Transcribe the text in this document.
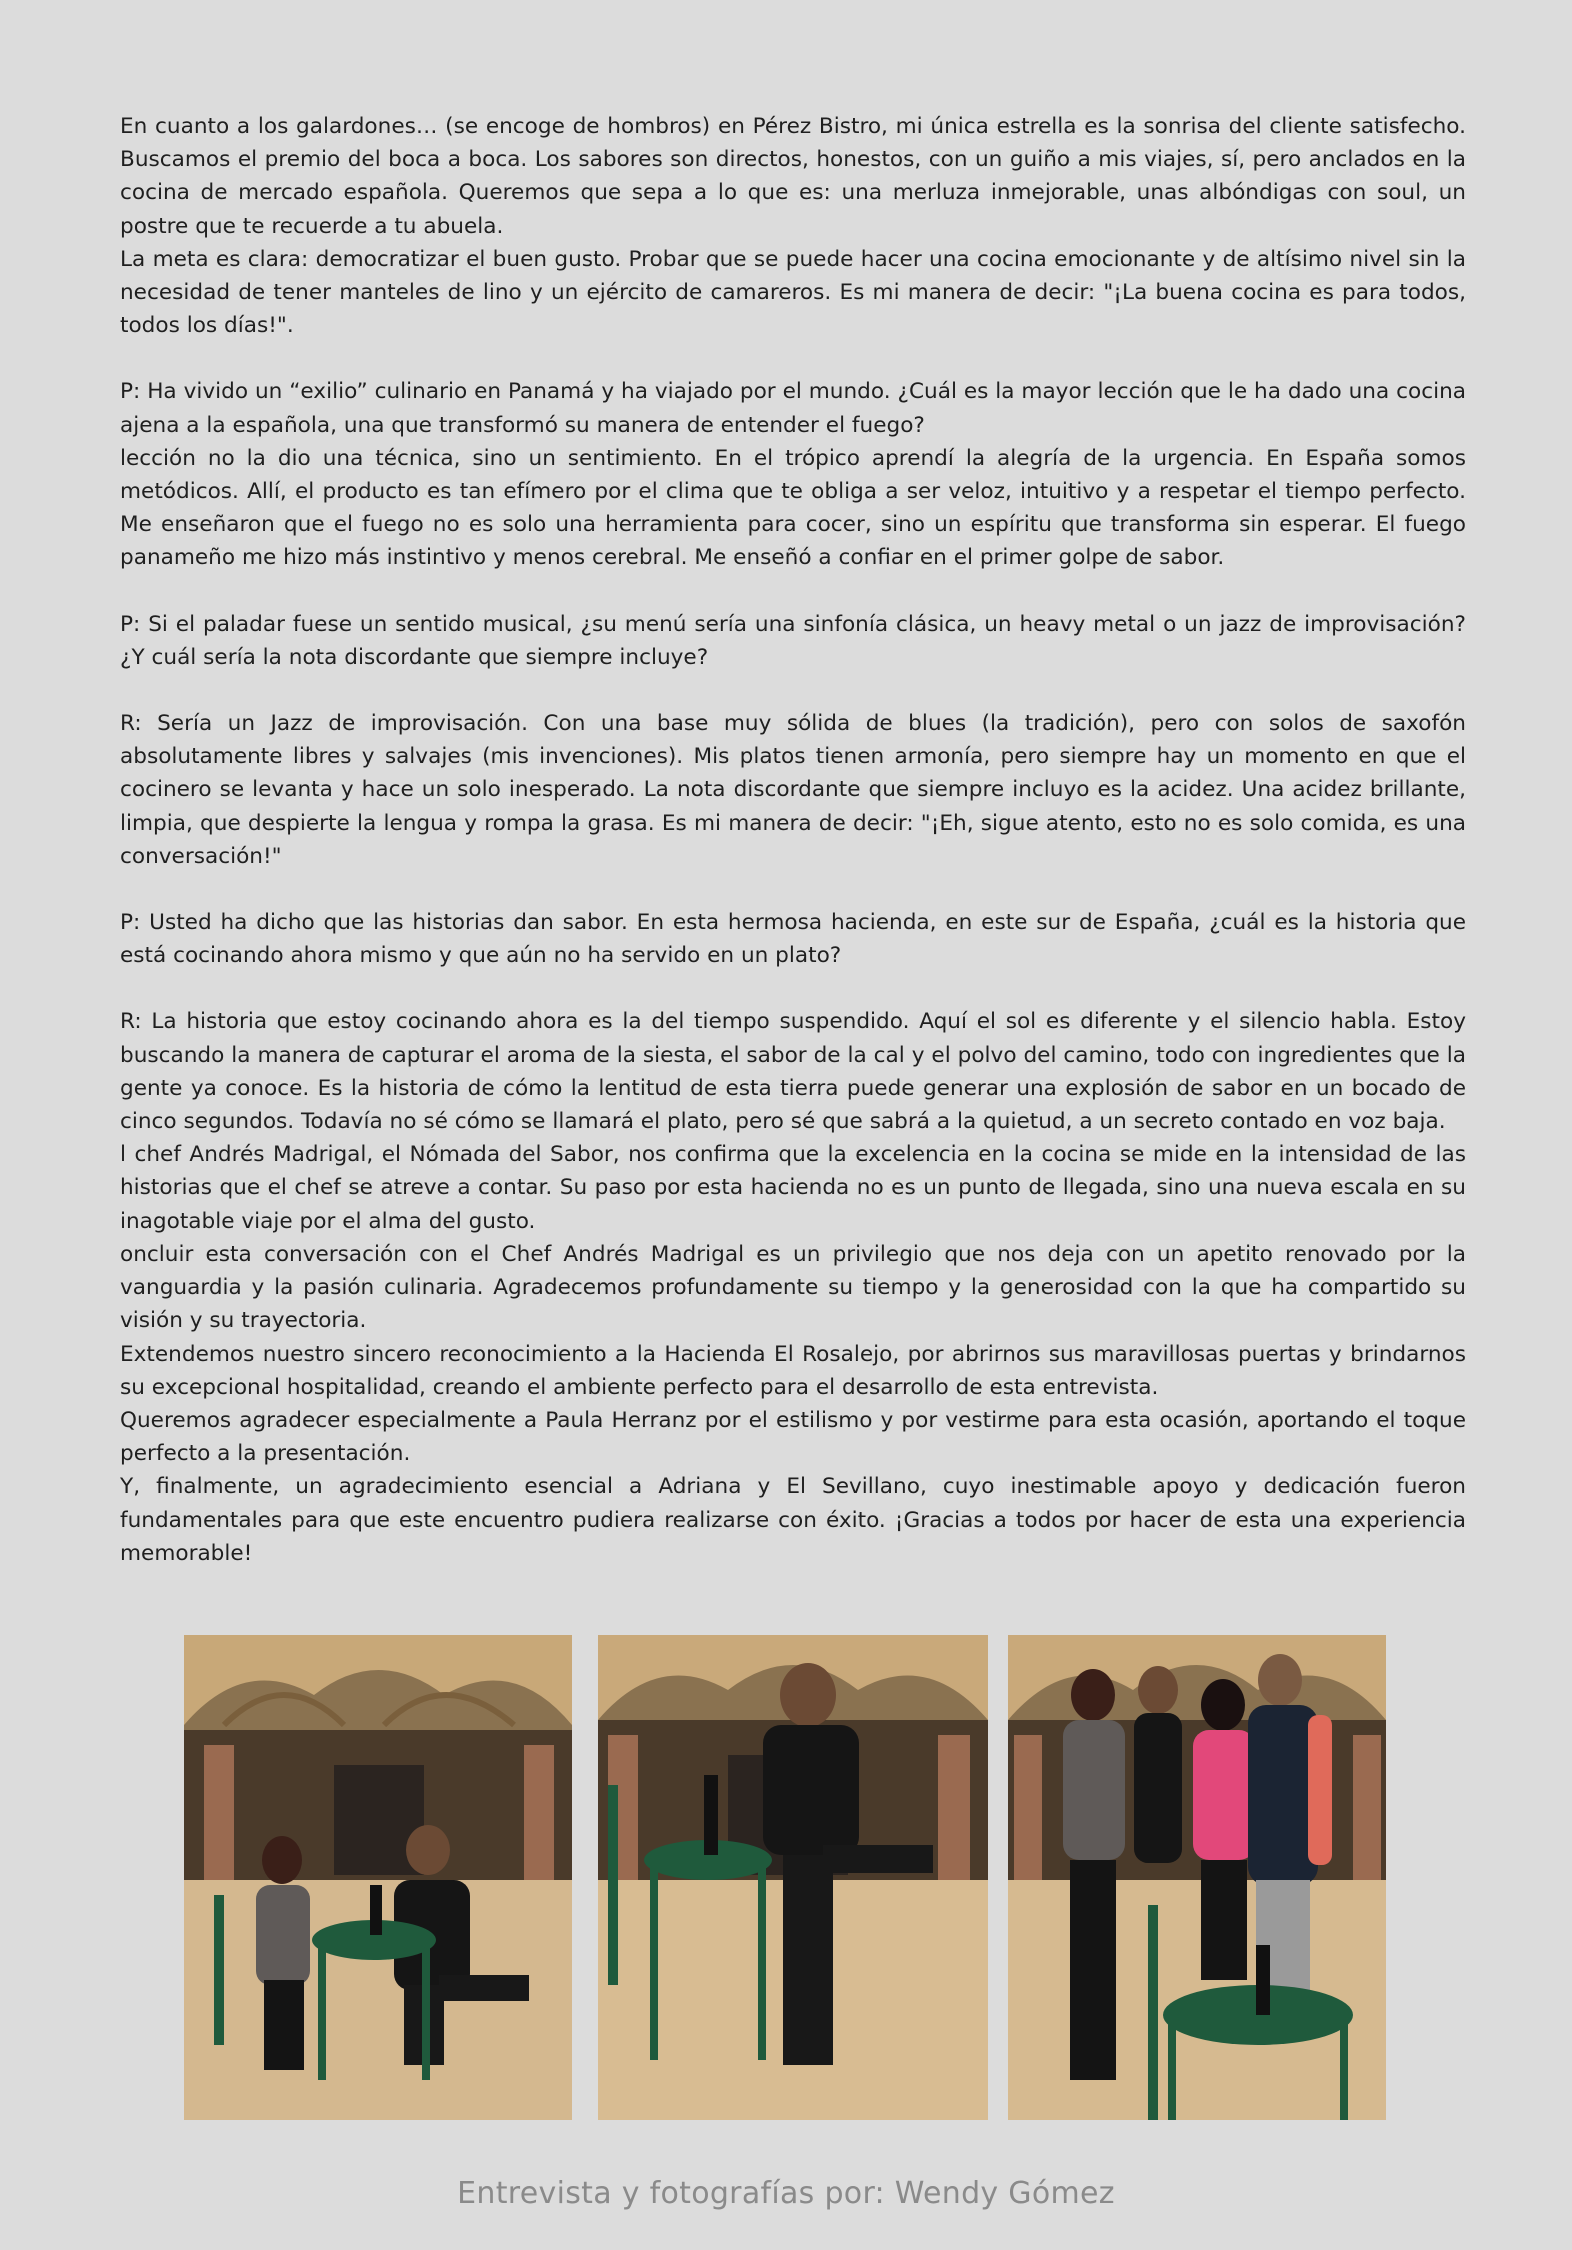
En cuanto a los galardones… (se encoge de hombros) en Pérez Bistro, mi única estrella es la sonrisa del cliente satisfecho. Buscamos el premio del boca a boca. Los sabores son directos, honestos, con un guiño a mis viajes, sí, pero anclados en la cocina de mercado española. Queremos que sepa a lo que es: una merluza inmejorable, unas albóndigas con soul, un postre que te recuerde a tu abuela.

La meta es clara: democratizar el buen gusto. Probar que se puede hacer una cocina emocionante y de altísimo nivel sin la necesidad de tener manteles de lino y un ejército de camareros. Es mi manera de decir: "¡La buena cocina es para todos, todos los días!".

P: Ha vivido un “exilio” culinario en Panamá y ha viajado por el mundo. ¿Cuál es la mayor lección que le ha dado una cocina ajena a la española, una que transformó su manera de entender el fuego?

lección no la dio una técnica, sino un sentimiento. En el trópico aprendí la alegría de la urgencia. En España somos metódicos. Allí, el producto es tan efímero por el clima que te obliga a ser veloz, intuitivo y a respetar el tiempo perfecto. Me enseñaron que el fuego no es solo una herramienta para cocer, sino un espíritu que transforma sin esperar. El fuego panameño me hizo más instintivo y menos cerebral. Me enseñó a confiar en el primer golpe de sabor.

P: Si el paladar fuese un sentido musical, ¿su menú sería una sinfonía clásica, un heavy metal o un jazz de improvisación? ¿Y cuál sería la nota discordante que siempre incluye?

R: Sería un Jazz de improvisación. Con una base muy sólida de blues (la tradición), pero con solos de saxofón absolutamente libres y salvajes (mis invenciones). Mis platos tienen armonía, pero siempre hay un momento en que el cocinero se levanta y hace un solo inesperado. La nota discordante que siempre incluyo es la acidez. Una acidez brillante, limpia, que despierte la lengua y rompa la grasa. Es mi manera de decir: "¡Eh, sigue atento, esto no es solo comida, es una conversación!"

P: Usted ha dicho que las historias dan sabor. En esta hermosa hacienda, en este sur de España, ¿cuál es la historia que está cocinando ahora mismo y que aún no ha servido en un plato?

R: La historia que estoy cocinando ahora es la del tiempo suspendido. Aquí el sol es diferente y el silencio habla. Estoy buscando la manera de capturar el aroma de la siesta, el sabor de la cal y el polvo del camino, todo con ingredientes que la gente ya conoce. Es la historia de cómo la lentitud de esta tierra puede generar una explosión de sabor en un bocado de cinco segundos. Todavía no sé cómo se llamará el plato, pero sé que sabrá a la quietud, a un secreto contado en voz baja.

l chef Andrés Madrigal, el Nómada del Sabor, nos confirma que la excelencia en la cocina se mide en la intensidad de las historias que el chef se atreve a contar. Su paso por esta hacienda no es un punto de llegada, sino una nueva escala en su inagotable viaje por el alma del gusto.

oncluir esta conversación con el Chef Andrés Madrigal es un privilegio que nos deja con un apetito renovado por la vanguardia y la pasión culinaria. Agradecemos profundamente su tiempo y la generosidad con la que ha compartido su visión y su trayectoria.

Extendemos nuestro sincero reconocimiento a la Hacienda El Rosalejo, por abrirnos sus maravillosas puertas y brindarnos su excepcional hospitalidad, creando el ambiente perfecto para el desarrollo de esta entrevista.

Queremos agradecer especialmente a Paula Herranz por el estilismo y por vestirme para esta ocasión, aportando el toque perfecto a la presentación.

Y, finalmente, un agradecimiento esencial a Adriana y El Sevillano, cuyo inestimable apoyo y dedicación fueron fundamentales para que este encuentro pudiera realizarse con éxito. ¡Gracias a todos por hacer de esta una experiencia memorable!

Entrevista y fotografías por: Wendy Gómez
